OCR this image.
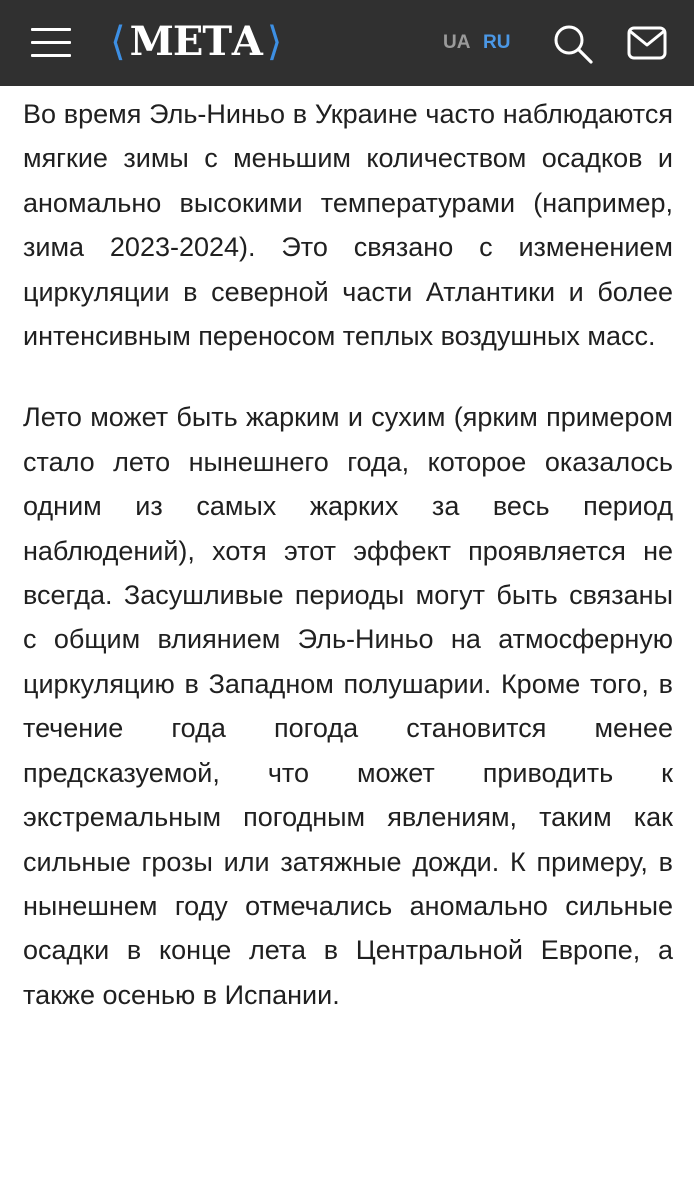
⟨ МЕТА ⟩	UA RU

Во время Эль-Ниньо в Украине часто наблюдаются мягкие зимы с меньшим количеством осадков и аномально высокими температурами (например, зима 2023-2024). Это связано с изменением циркуляции в северной части Атлантики и более интенсивным переносом теплых воздушных масс.

Лето может быть жарким и сухим (ярким примером стало лето нынешнего года, которое оказалось одним из самых жарких за весь период наблюдений), хотя этот эффект проявляется не всегда. Засушливые периоды могут быть связаны с общим влиянием Эль-Ниньо на атмосферную циркуляцию в Западном полушарии. Кроме того, в течение года погода становится менее предсказуемой, что может приводить к экстремальным погодным явлениям, таким как сильные грозы или затяжные дожди. К примеру, в нынешнем году отмечались аномально сильные осадки в конце лета в Центральной Европе, а также осенью в Испании.
